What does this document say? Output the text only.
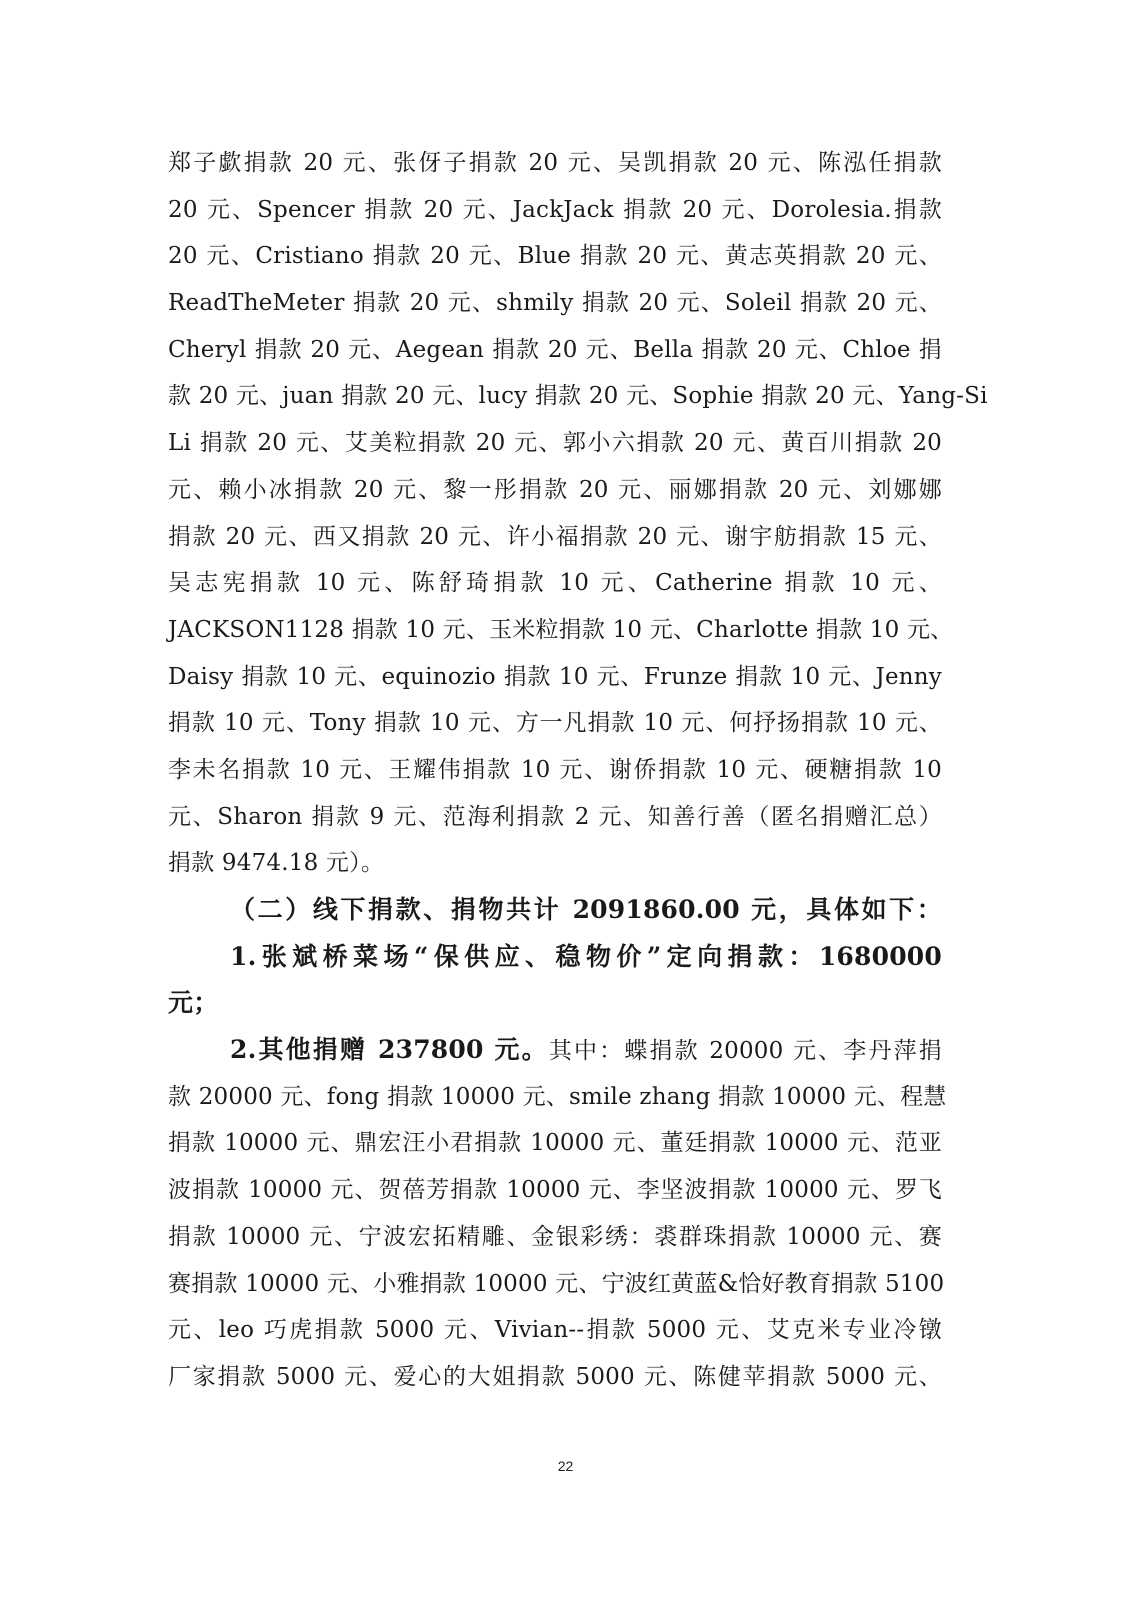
郑子歔捐款 20 元、张伢子捐款 20 元、吴凯捐款 20 元、陈泓任捐款
20 元、Spencer 捐款 20 元、JackJack 捐款 20 元、Dorolesia.捐款
20 元、Cristiano 捐款 20 元、Blue 捐款 20 元、黄志英捐款 20 元、
ReadTheMeter 捐款 20 元、shmily 捐款 20 元、Soleil 捐款 20 元、
Cheryl 捐款 20 元、Aegean 捐款 20 元、Bella 捐款 20 元、Chloe 捐
款 20 元、juan 捐款 20 元、lucy 捐款 20 元、Sophie 捐款 20 元、Yang-Si
Li 捐款 20 元、艾美粒捐款 20 元、郭小六捐款 20 元、黄百川捐款 20
元、赖小冰捐款 20 元、黎一彤捐款 20 元、丽娜捐款 20 元、刘娜娜
捐款 20 元、西又捐款 20 元、许小福捐款 20 元、谢宇舫捐款 15 元、
吴志宪捐款 10 元、陈舒琦捐款 10 元、Catherine 捐款 10 元、
JACKSON1128 捐款 10 元、玉米粒捐款 10 元、Charlotte 捐款 10 元、
Daisy 捐款 10 元、equinozio 捐款 10 元、Frunze 捐款 10 元、Jenny
捐款 10 元、Tony 捐款 10 元、方一凡捐款 10 元、何抒扬捐款 10 元、
李未名捐款 10 元、王耀伟捐款 10 元、谢侨捐款 10 元、硬糖捐款 10
元、Sharon 捐款 9 元、范海利捐款 2 元、知善行善（匿名捐赠汇总）
捐款 9474.18 元）。
（二）线下捐款、捐物共计 2091860.00 元，具体如下：
1.张斌桥菜场“保供应、稳物价”定向捐款：1680000
元；
2.其他捐赠 237800 元。其中：蝶捐款 20000 元、李丹萍捐
款 20000 元、fong 捐款 10000 元、smile zhang 捐款 10000 元、程慧
捐款 10000 元、鼎宏汪小君捐款 10000 元、董廷捐款 10000 元、范亚
波捐款 10000 元、贺蓓芳捐款 10000 元、李坚波捐款 10000 元、罗飞
捐款 10000 元、宁波宏拓精雕、金银彩绣：裘群珠捐款 10000 元、赛
赛捐款 10000 元、小雅捐款 10000 元、宁波红黄蓝&恰好教育捐款 5100
元、leo 巧虎捐款 5000 元、Vivian--捐款 5000 元、艾克米专业冷镦
厂家捐款 5000 元、爱心的大姐捐款 5000 元、陈健苹捐款 5000 元、
22
